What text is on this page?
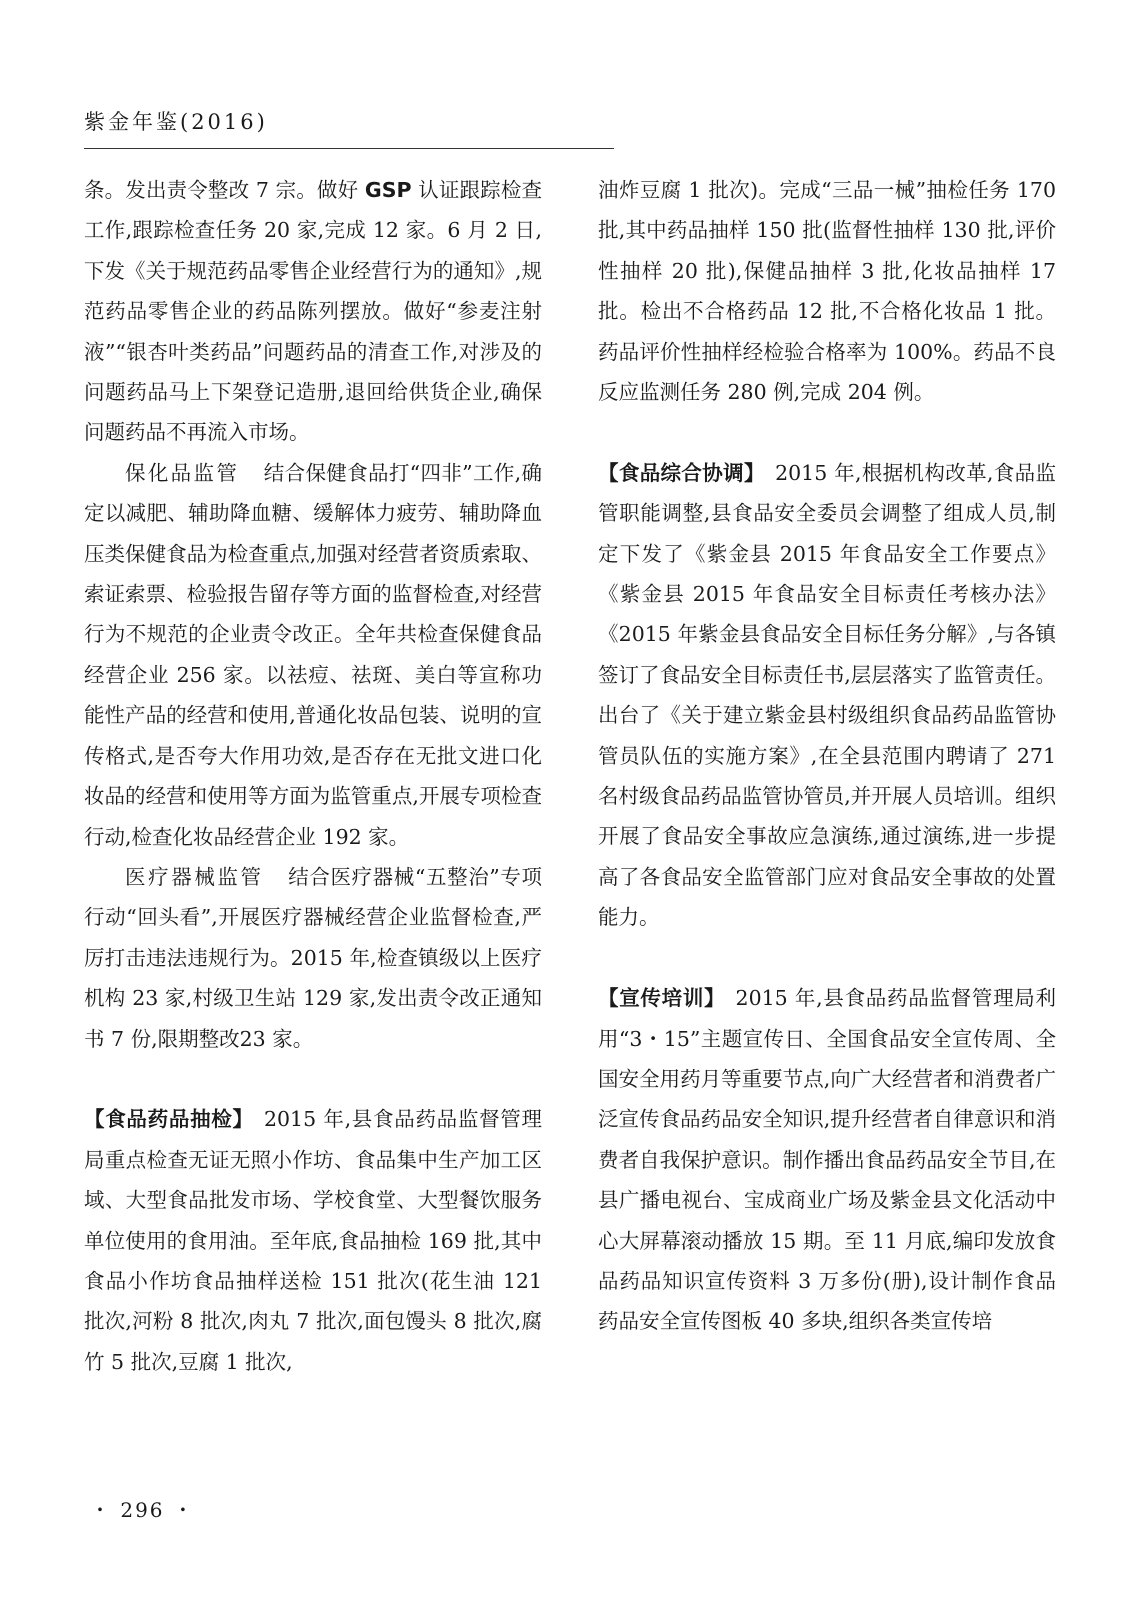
紫金年鉴(2016)

条。发出责令整改 7 宗。做好 GSP 认证跟踪检查工作,跟踪检查任务 20 家,完成 12 家。6 月 2 日,下发《关于规范药品零售企业经营行为的通知》,规范药品零售企业的药品陈列摆放。做好“参麦注射液”“银杏叶类药品”问题药品的清查工作,对涉及的问题药品马上下架登记造册,退回给供货企业,确保问题药品不再流入市场。

保化品监管 结合保健食品打“四非”工作,确定以减肥、辅助降血糖、缓解体力疲劳、辅助降血压类保健食品为检查重点,加强对经营者资质索取、索证索票、检验报告留存等方面的监督检查,对经营行为不规范的企业责令改正。全年共检查保健食品经营企业 256 家。以祛痘、祛斑、美白等宣称功能性产品的经营和使用,普通化妆品包装、说明的宣传格式,是否夸大作用功效,是否存在无批文进口化妆品的经营和使用等方面为监管重点,开展专项检查行动,检查化妆品经营企业 192 家。

医疗器械监管 结合医疗器械“五整治”专项行动“回头看”,开展医疗器械经营企业监督检查,严厉打击违法违规行为。2015 年,检查镇级以上医疗机构 23 家,村级卫生站 129 家,发出责令改正通知书 7 份,限期整改23 家。

【食品药品抽检】 2015 年,县食品药品监督管理局重点检查无证无照小作坊、食品集中生产加工区域、大型食品批发市场、学校食堂、大型餐饮服务单位使用的食用油。至年底,食品抽检 169 批,其中食品小作坊食品抽样送检 151 批次(花生油 121 批次,河粉 8 批次,肉丸 7 批次,面包馒头 8 批次,腐竹 5 批次,豆腐 1 批次,

油炸豆腐 1 批次)。完成“三品一械”抽检任务 170 批,其中药品抽样 150 批(监督性抽样 130 批,评价性抽样 20 批),保健品抽样 3 批,化妆品抽样 17 批。检出不合格药品 12 批,不合格化妆品 1 批。药品评价性抽样经检验合格率为 100%。药品不良反应监测任务 280 例,完成 204 例。

【食品综合协调】 2015 年,根据机构改革,食品监管职能调整,县食品安全委员会调整了组成人员,制定下发了《紫金县 2015 年食品安全工作要点》《紫金县 2015 年食品安全目标责任考核办法》《2015 年紫金县食品安全目标任务分解》,与各镇签订了食品安全目标责任书,层层落实了监管责任。出台了《关于建立紫金县村级组织食品药品监管协管员队伍的实施方案》,在全县范围内聘请了 271 名村级食品药品监管协管员,并开展人员培训。组织开展了食品安全事故应急演练,通过演练,进一步提高了各食品安全监管部门应对食品安全事故的处置能力。

【宣传培训】 2015 年,县食品药品监督管理局利用“3・15”主题宣传日、全国食品安全宣传周、全国安全用药月等重要节点,向广大经营者和消费者广泛宣传食品药品安全知识,提升经营者自律意识和消费者自我保护意识。制作播出食品药品安全节目,在县广播电视台、宝成商业广场及紫金县文化活动中心大屏幕滚动播放 15 期。至 11 月底,编印发放食品药品知识宣传资料 3 万多份(册),设计制作食品药品安全宣传图板 40 多块,组织各类宣传培

・ 296 ・
